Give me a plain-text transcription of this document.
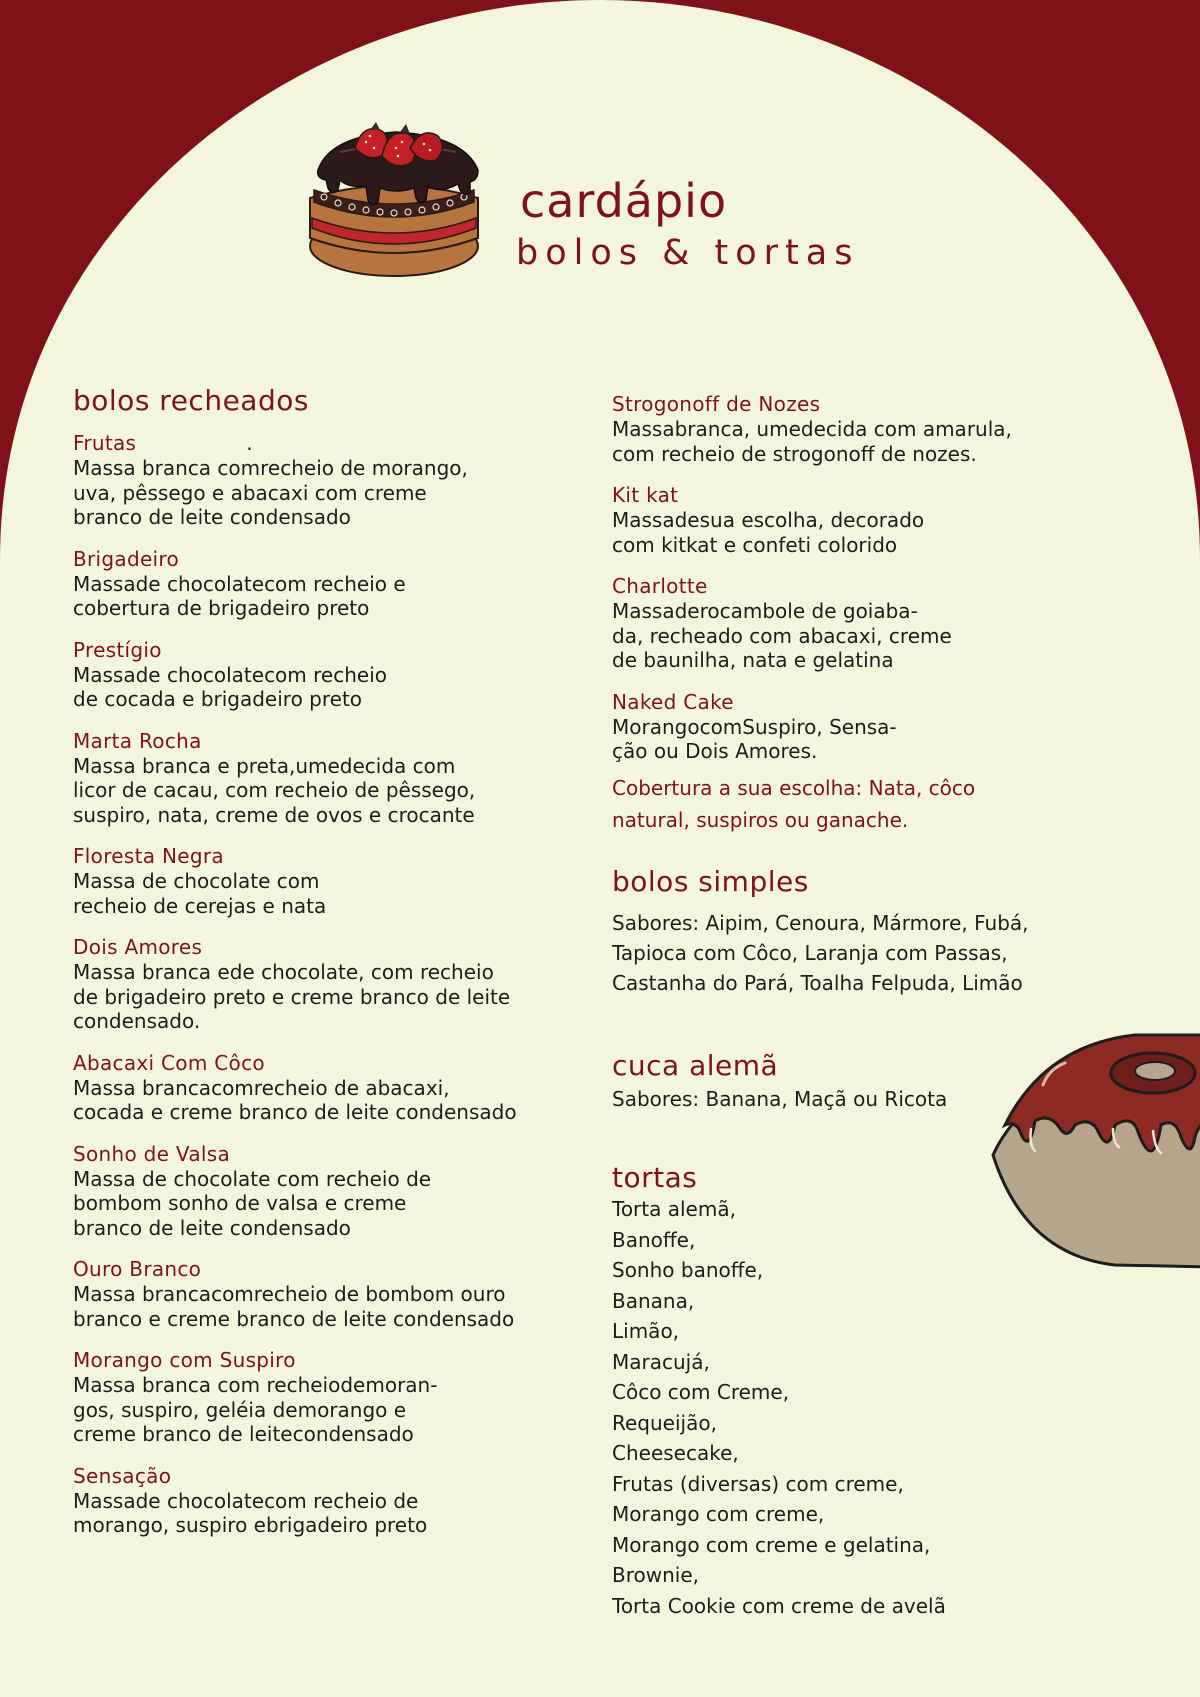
cardápio
bolos & tortas
bolos recheados
Frutas	.
Massa branca comrecheio de morango,
uva, pêssego e abacaxi com creme
branco de leite condensado
Brigadeiro
Massade chocolatecom recheio e
cobertura de brigadeiro preto
Prestígio
Massade chocolatecom recheio
de cocada e brigadeiro preto
Marta Rocha
Massa branca e preta,umedecida com
licor de cacau, com recheio de pêssego,
suspiro, nata, creme de ovos e crocante
Floresta Negra
Massa de chocolate com
recheio de cerejas e nata
Dois Amores
Massa branca ede chocolate, com recheio
de brigadeiro preto e creme branco de leite
condensado.
Abacaxi Com Côco
Massa brancacomrecheio de abacaxi,
cocada e creme branco de leite condensado
Sonho de Valsa
Massa de chocolate com recheio de
bombom sonho de valsa e creme
branco de leite condensado
Ouro Branco
Massa brancacomrecheio de bombom ouro
branco e creme branco de leite condensado
Morango com Suspiro
Massa branca com recheiodemoran-
gos, suspiro, geléia demorango e
creme branco de leitecondensado
Sensação
Massade chocolatecom recheio de
morango, suspiro ebrigadeiro preto
Strogonoff de Nozes
Massabranca, umedecida com amarula,
com recheio de strogonoff de nozes.
Kit kat
Massadesua escolha, decorado
com kitkat e confeti colorido
Charlotte
Massaderocambole de goiaba-
da, recheado com abacaxi, creme
de baunilha, nata e gelatina
Naked Cake
MorangocomSuspiro, Sensa-
ção ou Dois Amores.
Cobertura a sua escolha: Nata, côco
natural, suspiros ou ganache.
bolos simples
Sabores: Aipim, Cenoura, Mármore, Fubá,
Tapioca com Côco, Laranja com Passas,
Castanha do Pará, Toalha Felpuda, Limão
cuca alemã
Sabores: Banana, Maçã ou Ricota
tortas
Torta alemã,
Banoffe,
Sonho banoffe,
Banana,
Limão,
Maracujá,
Côco com Creme,
Requeijão,
Cheesecake,
Frutas (diversas) com creme,
Morango com creme,
Morango com creme e gelatina,
Brownie,
Torta Cookie com creme de avelã
